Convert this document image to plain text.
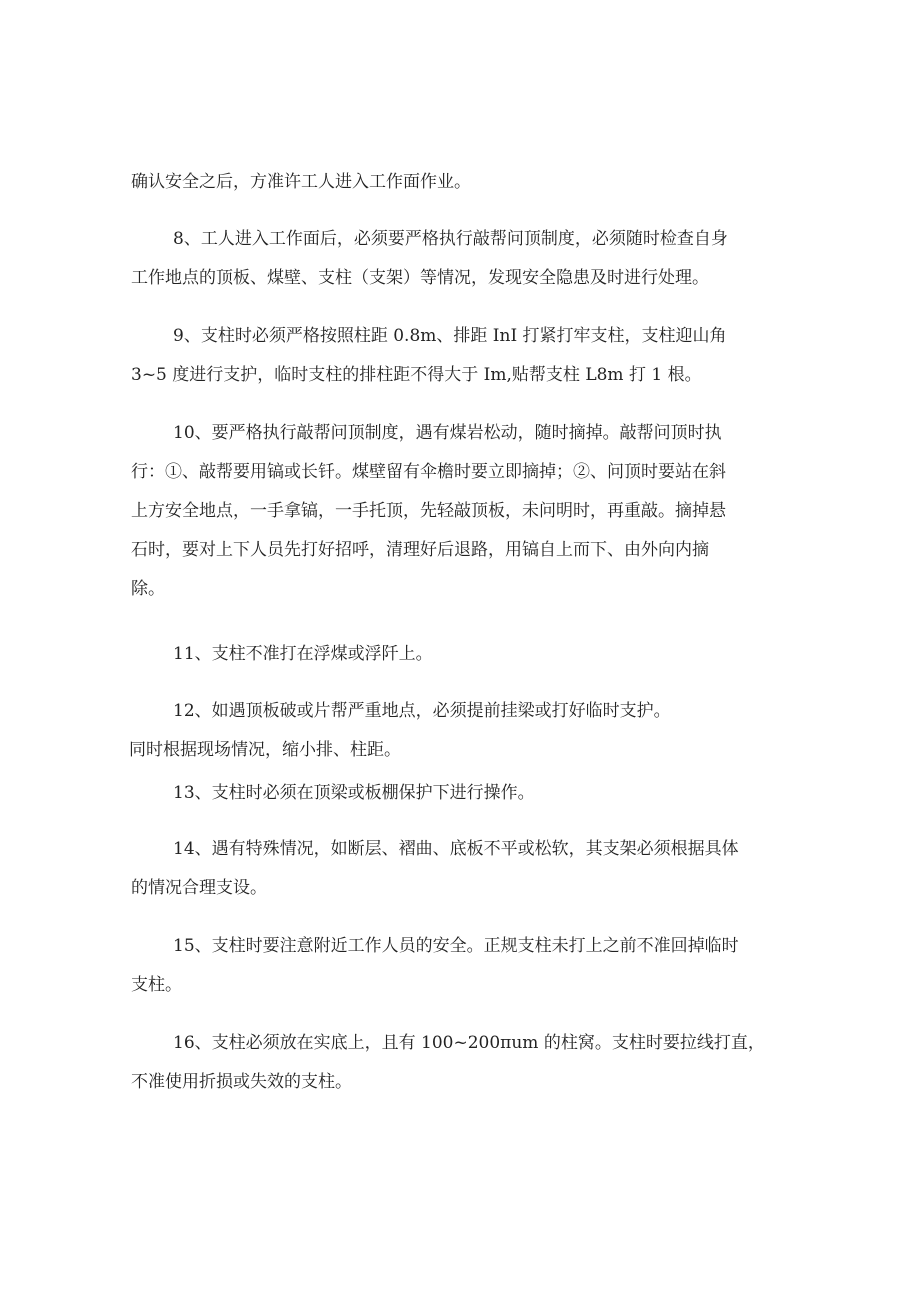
确认安全之后，方准许工人进入工作面作业。
8、工人进入工作面后，必须要严格执行敲帮问顶制度，必须随时检查自身
工作地点的顶板、煤壁、支柱（支架）等情况，发现安全隐患及时进行处理。
9、支柱时必须严格按照柱距 0.8m、排距 InI 打紧打牢支柱，支柱迎山角
3~5 度进行支护，临时支柱的排柱距不得大于 Im,贴帮支柱 L8m 打 1 根。
10、要严格执行敲帮问顶制度，遇有煤岩松动，随时摘掉。敲帮问顶时执
行：①、敲帮要用镐或长钎。煤壁留有伞檐时要立即摘掉；②、问顶时要站在斜
上方安全地点，一手拿镐，一手托顶，先轻敲顶板，未问明时，再重敲。摘掉悬
石时，要对上下人员先打好招呼，清理好后退路，用镐自上而下、由外向内摘
除。
11、支柱不准打在浮煤或浮阡上。
12、如遇顶板破或片帮严重地点，必须提前挂梁或打好临时支护。
同时根据现场情况，缩小排、柱距。
13、支柱时必须在顶梁或板棚保护下进行操作。
14、遇有特殊情况，如断层、褶曲、底板不平或松软，其支架必须根据具体
的情况合理支设。
15、支柱时要注意附近工作人员的安全。正规支柱未打上之前不准回掉临时
支柱。
16、支柱必须放在实底上，且有 100~200πum 的柱窝。支柱时要拉线打直，
不准使用折损或失效的支柱。
